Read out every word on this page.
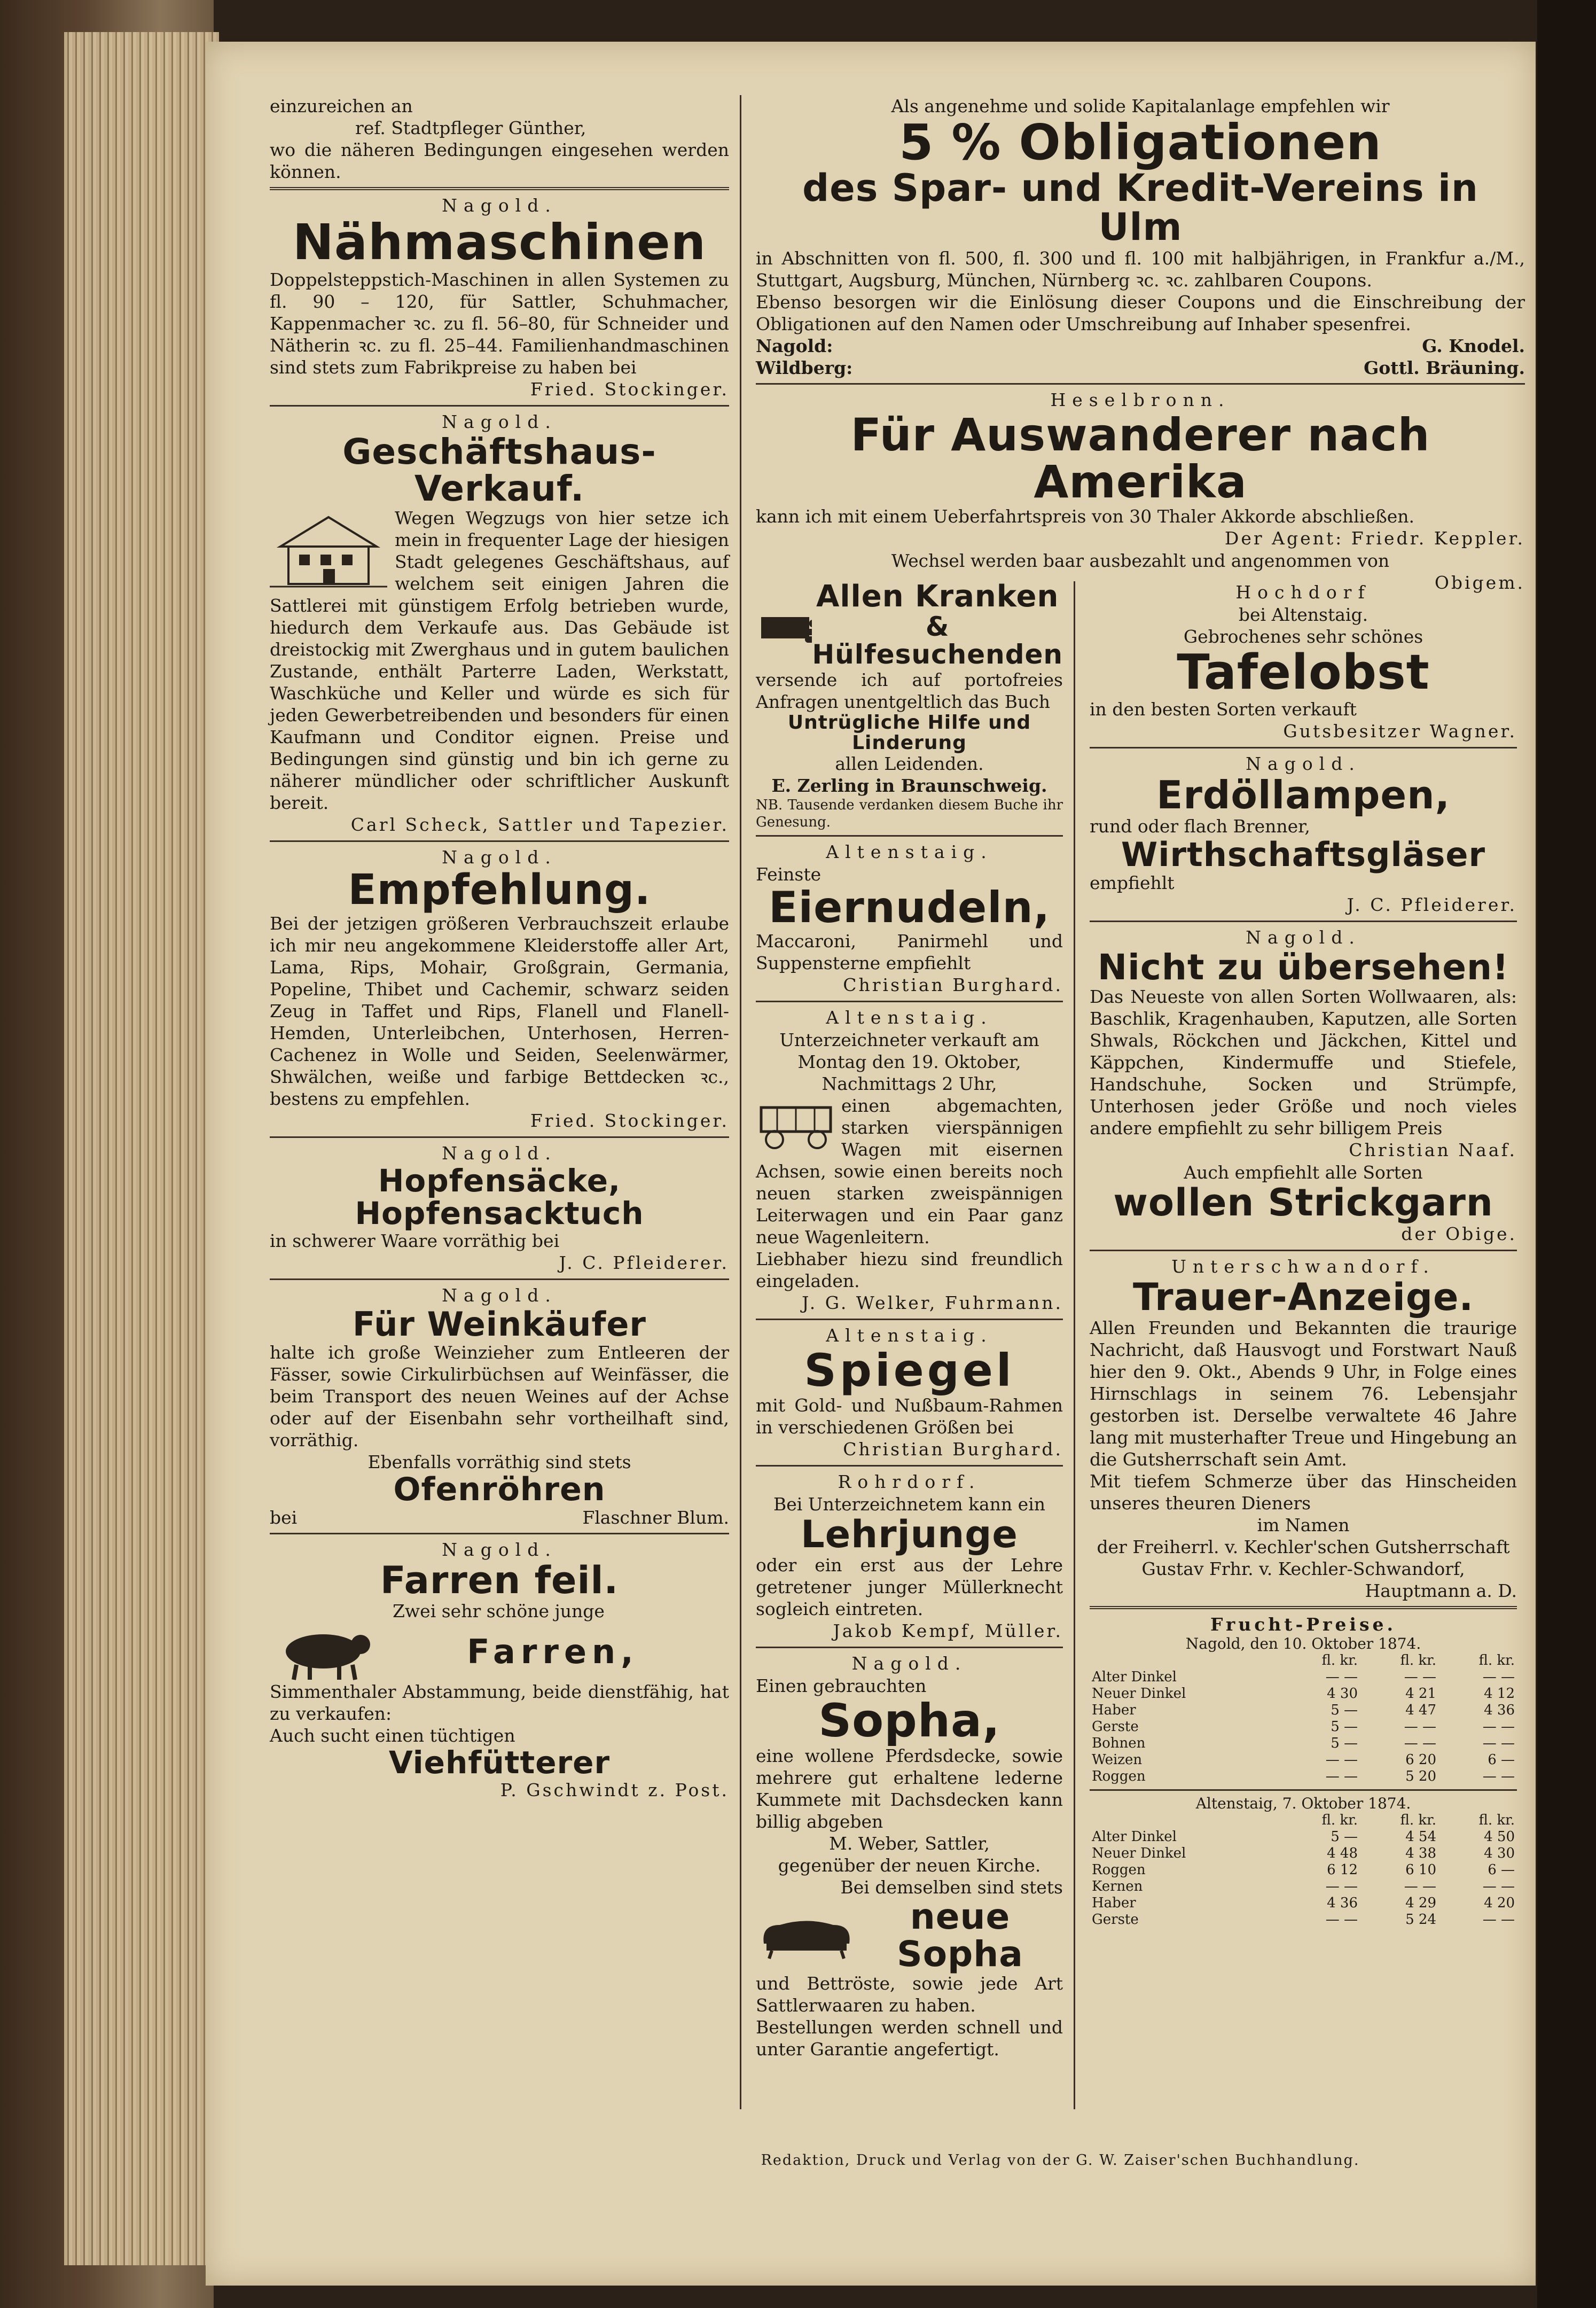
einzureichen an
ref. Stadtpfleger Günther,
wo die näheren Bedingungen eingesehen werden können.
Nagold.
Nähmaschinen
Doppelsteppstich-Maschinen in allen Systemen zu fl. 90 – 120, für Sattler, Schuhmacher, Kappenmacher ꝛc. zu fl. 56–80, für Schneider und Nätherin ꝛc. zu fl. 25–44. Familienhandmaschinen sind stets zum Fabrikpreise zu haben bei
Fried. Stockinger.
Nagold.
Geschäftshaus-
Verkauf.
Wegen Wegzugs von hier setze ich mein in frequenter Lage der hiesigen Stadt gelegenes Geschäftshaus, auf welchem seit einigen Jahren die Sattlerei mit günstigem Erfolg betrieben wurde, hiedurch dem Verkaufe aus. Das Gebäude ist dreistockig mit Zwerghaus und in gutem baulichen Zustande, enthält Parterre Laden, Werkstatt, Waschküche und Keller und würde es sich für jeden Gewerbetreibenden und besonders für einen Kaufmann und Conditor eignen. Preise und Bedingungen sind günstig und bin ich gerne zu näherer mündlicher oder schriftlicher Auskunft bereit.
Carl Scheck, Sattler und Tapezier.
Nagold.
Empfehlung.
Bei der jetzigen größeren Verbrauchszeit erlaube ich mir neu angekommene Kleiderstoffe aller Art, Lama, Rips, Mohair, Großgrain, Germania, Popeline, Thibet und Cachemir, schwarz seiden Zeug in Taffet und Rips, Flanell und Flanell-Hemden, Unterleibchen, Unterhosen, Herren-Cachenez in Wolle und Seiden, Seelenwärmer, Shwälchen, weiße und farbige Bettdecken ꝛc., bestens zu empfehlen.
Fried. Stockinger.
Nagold.
Hopfensäcke,
Hopfensacktuch
in schwerer Waare vorräthig bei
J. C. Pfleiderer.
Nagold.
Für Weinkäufer
halte ich große Weinzieher zum Entleeren der Fässer, sowie Cirkulirbüchsen auf Weinfässer, die beim Transport des neuen Weines auf der Achse oder auf der Eisenbahn sehr vortheilhaft sind, vorräthig.
Ebenfalls vorräthig sind stets
Ofenröhren
bei	Flaschner Blum.
Nagold.
Farren feil.
Zwei sehr schöne junge
Farren,
Simmenthaler Abstammung, beide dienstfähig, hat zu verkaufen:
Auch sucht einen tüchtigen
Viehfütterer
P. Gschwindt z. Post.
Als angenehme und solide Kapitalanlage empfehlen wir
5 % Obligationen
des Spar- und Kredit-Vereins in Ulm
in Abschnitten von fl. 500, fl. 300 und fl. 100 mit halbjährigen, in Frankfur a./M., Stuttgart, Augsburg, München, Nürnberg ꝛc. ꝛc. zahlbaren Coupons.
Ebenso besorgen wir die Einlösung dieser Coupons und die Einschreibung der Obligationen auf den Namen oder Umschreibung auf Inhaber spesenfrei.
Nagold:	G. Knodel.
Wildberg:	Gottl. Bräuning.
Heselbronn.
Für Auswanderer nach Amerika
kann ich mit einem Ueberfahrtspreis von 30 Thaler Akkorde abschließen.
Der Agent: Friedr. Keppler.
Wechsel werden baar ausbezahlt und angenommen von
Obigem.
Allen Kranken
& Hülfesuchenden
versende ich auf portofreies Anfragen unentgeltlich das Buch
Untrügliche Hilfe und Linderung
allen Leidenden.
E. Zerling in Braunschweig.
NB. Tausende verdanken diesem Buche ihr Genesung.
Altenstaig.
Feinste
Eiernudeln,
Maccaroni, Panirmehl und Suppensterne empfiehlt
Christian Burghard.
Altenstaig.
Unterzeichneter verkauft am
Montag den 19. Oktober,
Nachmittags 2 Uhr,
einen abgemachten, starken vierspännigen Wagen mit eisernen Achsen, sowie einen bereits noch neuen starken zweispännigen Leiterwagen und ein Paar ganz neue Wagenleitern.
Liebhaber hiezu sind freundlich eingeladen.
J. G. Welker, Fuhrmann.
Altenstaig.
Spiegel
mit Gold- und Nußbaum-Rahmen in verschiedenen Größen bei
Christian Burghard.
Rohrdorf.
Bei Unterzeichnetem kann ein
Lehrjunge
oder ein erst aus der Lehre getretener junger Müllerknecht sogleich eintreten.
Jakob Kempf, Müller.
Nagold.
Einen gebrauchten
Sopha,
eine wollene Pferdsdecke, sowie mehrere gut erhaltene lederne Kummete mit Dachsdecken kann billig abgeben
M. Weber, Sattler,
gegenüber der neuen Kirche.
Bei demselben sind stets
neue Sopha
und Bettröste, sowie jede Art Sattlerwaaren zu haben.
Bestellungen werden schnell und unter Garantie angefertigt.
Hochdorf
bei Altenstaig.
Gebrochenes sehr schönes
Tafelobst
in den besten Sorten verkauft
Gutsbesitzer Wagner.
Nagold.
Erdöllampen,
rund oder flach Brenner,
Wirthschaftsgläser
empfiehlt
J. C. Pfleiderer.
Nagold.
Nicht zu übersehen!
Das Neueste von allen Sorten Wollwaaren, als: Baschlik, Kragenhauben, Kaputzen, alle Sorten Shwals, Röckchen und Jäckchen, Kittel und Käppchen, Kindermuffe und Stiefele, Handschuhe, Socken und Strümpfe, Unterhosen jeder Größe und noch vieles andere empfiehlt zu sehr billigem Preis
Christian Naaf.
Auch empfiehlt alle Sorten
wollen Strickgarn
der Obige.
Unterschwandorf.
Trauer-Anzeige.
Allen Freunden und Bekannten die traurige Nachricht, daß Hausvogt und Forstwart Nauß hier den 9. Okt., Abends 9 Uhr, in Folge eines Hirnschlags in seinem 76. Lebensjahr gestorben ist. Derselbe verwaltete 46 Jahre lang mit musterhafter Treue und Hingebung an die Gutsherrschaft sein Amt.
Mit tiefem Schmerze über das Hinscheiden unseres theuren Dieners
im Namen
der Freiherrl. v. Kechler'schen Gutsherrschaft
Gustav Frhr. v. Kechler-Schwandorf,
Hauptmann a. D.
Frucht-Preise.
Nagold, den 10. Oktober 1874.
	fl. kr.	fl. kr.	fl. kr.
Alter Dinkel	— —	— —	— —
Neuer Dinkel	4 30	4 21	4 12
Haber	5 —	4 47	4 36
Gerste	5 —	— —	— —
Bohnen	5 —	— —	— —
Weizen	— —	6 20	6 —
Roggen	— —	5 20	— —
Altenstaig, 7. Oktober 1874.
	fl. kr.	fl. kr.	fl. kr.
Alter Dinkel	5 —	4 54	4 50
Neuer Dinkel	4 48	4 38	4 30
Roggen	6 12	6 10	6 —
Kernen	— —	— —	— —
Haber	4 36	4 29	4 20
Gerste	— —	5 24	— —
Redaktion, Druck und Verlag von der G. W. Zaiser'schen Buchhandlung.
